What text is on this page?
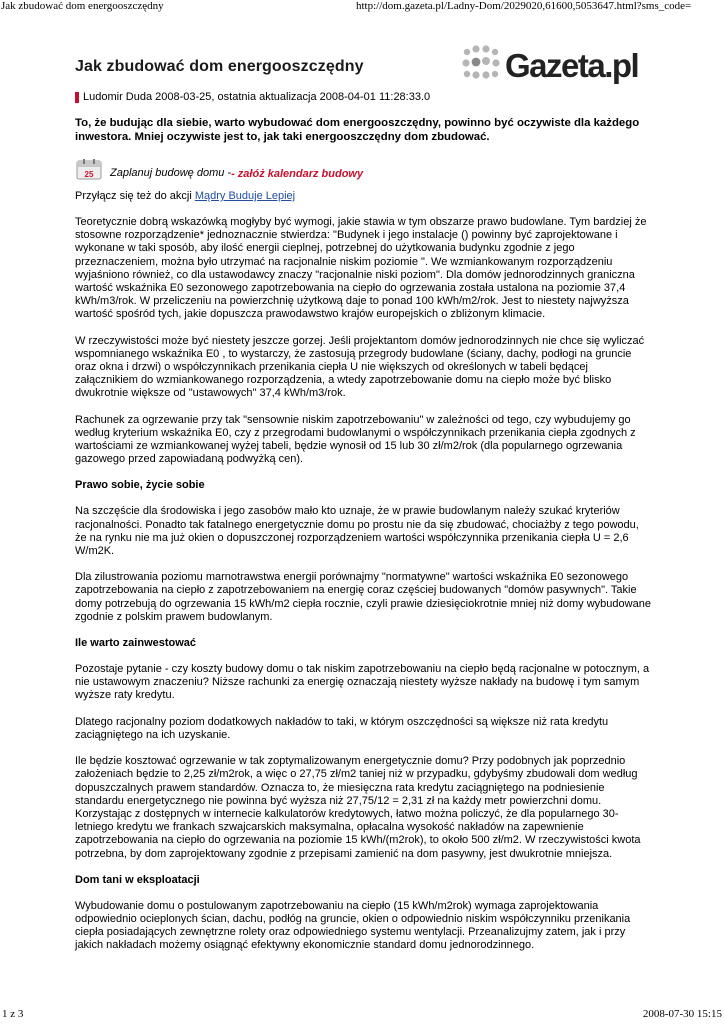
Jak zbudować dom energooszczędny	http://dom.gazeta.pl/Ladny-Dom/2029020,61600,5053647.html?sms_code=
Gazeta.pl
Jak zbudować dom energooszczędny
Ludomir Duda 2008-03-25, ostatnia aktualizacja 2008-04-01 11:28:33.0
To, że budując dla siebie, warto wybudować dom energooszczędny, powinno być oczywiste dla każdego inwestora. Mniej oczywiste jest to, jak taki energooszczędny dom zbudować.
25 Zaplanuj budowę domu - - załóż kalendarz budowy
Przyłącz się też do akcji Mądry Buduje Lepiej

Teoretycznie dobrą wskazówką mogłyby być wymogi, jakie stawia w tym obszarze prawo budowlane. Tym bardziej że stosowne rozporządzenie* jednoznacznie stwierdza: "Budynek i jego instalacje () powinny być zaprojektowane i wykonane w taki sposób, aby ilość energii cieplnej, potrzebnej do użytkowania budynku zgodnie z jego przeznaczeniem, można było utrzymać na racjonalnie niskim poziomie ". We wzmiankowanym rozporządzeniu wyjaśniono również, co dla ustawodawcy znaczy "racjonalnie niski poziom". Dla domów jednorodzinnych graniczna wartość wskaźnika E0 sezonowego zapotrzebowania na ciepło do ogrzewania została ustalona na poziomie 37,4 kWh/m3/rok. W przeliczeniu na powierzchnię użytkową daje to ponad 100 kWh/m2/rok. Jest to niestety najwyższa wartość spośród tych, jakie dopuszcza prawodawstwo krajów europejskich o zbliżonym klimacie.

W rzeczywistości może być niestety jeszcze gorzej. Jeśli projektantom domów jednorodzinnych nie chce się wyliczać wspomnianego wskaźnika E0 , to wystarczy, że zastosują przegrody budowlane (ściany, dachy, podłogi na gruncie oraz okna i drzwi) o współczynnikach przenikania ciepła U nie większych od określonych w tabeli będącej załącznikiem do wzmiankowanego rozporządzenia, a wtedy zapotrzebowanie domu na ciepło może być blisko dwukrotnie większe od "ustawowych" 37,4 kWh/m3/rok.

Rachunek za ogrzewanie przy tak "sensownie niskim zapotrzebowaniu" w zależności od tego, czy wybudujemy go według kryterium wskaźnika E0, czy z przegrodami budowlanymi o współczynnikach przenikania ciepła zgodnych z wartościami ze wzmiankowanej wyżej tabeli, będzie wynosił od 15 lub 30 zł/m2/rok (dla popularnego ogrzewania gazowego przed zapowiadaną podwyżką cen).

Prawo sobie, życie sobie

Na szczęście dla środowiska i jego zasobów mało kto uznaje, że w prawie budowlanym należy szukać kryteriów racjonalności. Ponadto tak fatalnego energetycznie domu po prostu nie da się zbudować, chociażby z tego powodu, że na rynku nie ma już okien o dopuszczonej rozporządzeniem wartości współczynnika przenikania ciepła U = 2,6 W/m2K.

Dla zilustrowania poziomu marnotrawstwa energii porównajmy "normatywne" wartości wskaźnika E0 sezonowego zapotrzebowania na ciepło z zapotrzebowaniem na energię coraz częściej budowanych "domów pasywnych". Takie domy potrzebują do ogrzewania 15 kWh/m2 ciepła rocznie, czyli prawie dziesięciokrotnie mniej niż domy wybudowane zgodnie z polskim prawem budowlanym.

Ile warto zainwestować

Pozostaje pytanie - czy koszty budowy domu o tak niskim zapotrzebowaniu na ciepło będą racjonalne w potocznym, a nie ustawowym znaczeniu? Niższe rachunki za energię oznaczają niestety wyższe nakłady na budowę i tym samym wyższe raty kredytu.

Dlatego racjonalny poziom dodatkowych nakładów to taki, w którym oszczędności są większe niż rata kredytu zaciągniętego na ich uzyskanie.

Ile będzie kosztować ogrzewanie w tak zoptymalizowanym energetycznie domu? Przy podobnych jak poprzednio założeniach będzie to 2,25 zł/m2rok, a więc o 27,75 zł/m2 taniej niż w przypadku, gdybyśmy zbudowali dom według dopuszczalnych prawem standardów. Oznacza to, że miesięczna rata kredytu zaciągniętego na podniesienie standardu energetycznego nie powinna być wyższa niż 27,75/12 = 2,31 zł na każdy metr powierzchni domu. Korzystając z dostępnych w internecie kalkulatorów kredytowych, łatwo można policzyć, że dla popularnego 30-letniego kredytu we frankach szwajcarskich maksymalna, opłacalna wysokość nakładów na zapewnienie zapotrzebowania na ciepło do ogrzewania na poziomie 15 kWh/(m2rok), to około 500 zł/m2. W rzeczywistości kwota potrzebna, by dom zaprojektowany zgodnie z przepisami zamienić na dom pasywny, jest dwukrotnie mniejsza.

Dom tani w eksploatacji

Wybudowanie domu o postulowanym zapotrzebowaniu na ciepło (15 kWh/m2rok) wymaga zaprojektowania odpowiednio ocieplonych ścian, dachu, podłóg na gruncie, okien o odpowiednio niskim współczynniku przenikania ciepła posiadających zewnętrzne rolety oraz odpowiedniego systemu wentylacji. Przeanalizujmy zatem, jak i przy jakich nakładach możemy osiągnąć efektywny ekonomicznie standard domu jednorodzinnego.

1 z 3	2008-07-30 15:15
